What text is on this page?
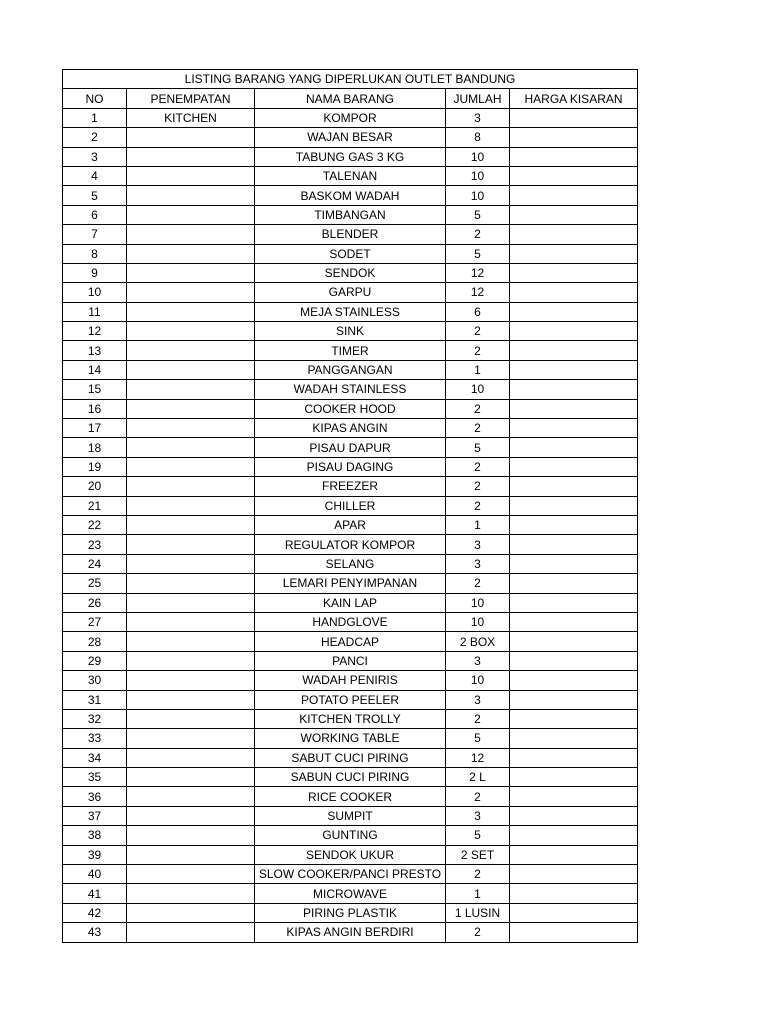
LISTING BARANG YANG DIPERLUKAN OUTLET BANDUNG				
NO	PENEMPATAN	NAMA BARANG	JUMLAH	HARGA KISARAN
1	KITCHEN	KOMPOR	3	
2		WAJAN BESAR	8	
3		TABUNG GAS 3 KG	10	
4		TALENAN	10	
5		BASKOM WADAH	10	
6		TIMBANGAN	5	
7		BLENDER	2	
8		SODET	5	
9		SENDOK	12	
10		GARPU	12	
11		MEJA STAINLESS	6	
12		SINK	2	
13		TIMER	2	
14		PANGGANGAN	1	
15		WADAH STAINLESS	10	
16		COOKER HOOD	2	
17		KIPAS ANGIN	2	
18		PISAU DAPUR	5	
19		PISAU DAGING	2	
20		FREEZER	2	
21		CHILLER	2	
22		APAR	1	
23		REGULATOR KOMPOR	3	
24		SELANG	3	
25		LEMARI PENYIMPANAN	2	
26		KAIN LAP	10	
27		HANDGLOVE	10	
28		HEADCAP	2 BOX	
29		PANCI	3	
30		WADAH PENIRIS	10	
31		POTATO PEELER	3	
32		KITCHEN TROLLY	2	
33		WORKING TABLE	5	
34		SABUT CUCI PIRING	12	
35		SABUN CUCI PIRING	2 L	
36		RICE COOKER	2	
37		SUMPIT	3	
38		GUNTING	5	
39		SENDOK UKUR	2 SET	
40		SLOW COOKER/PANCI PRESTO	2	
41		MICROWAVE	1	
42		PIRING PLASTIK	1 LUSIN	
43		KIPAS ANGIN BERDIRI	2	
